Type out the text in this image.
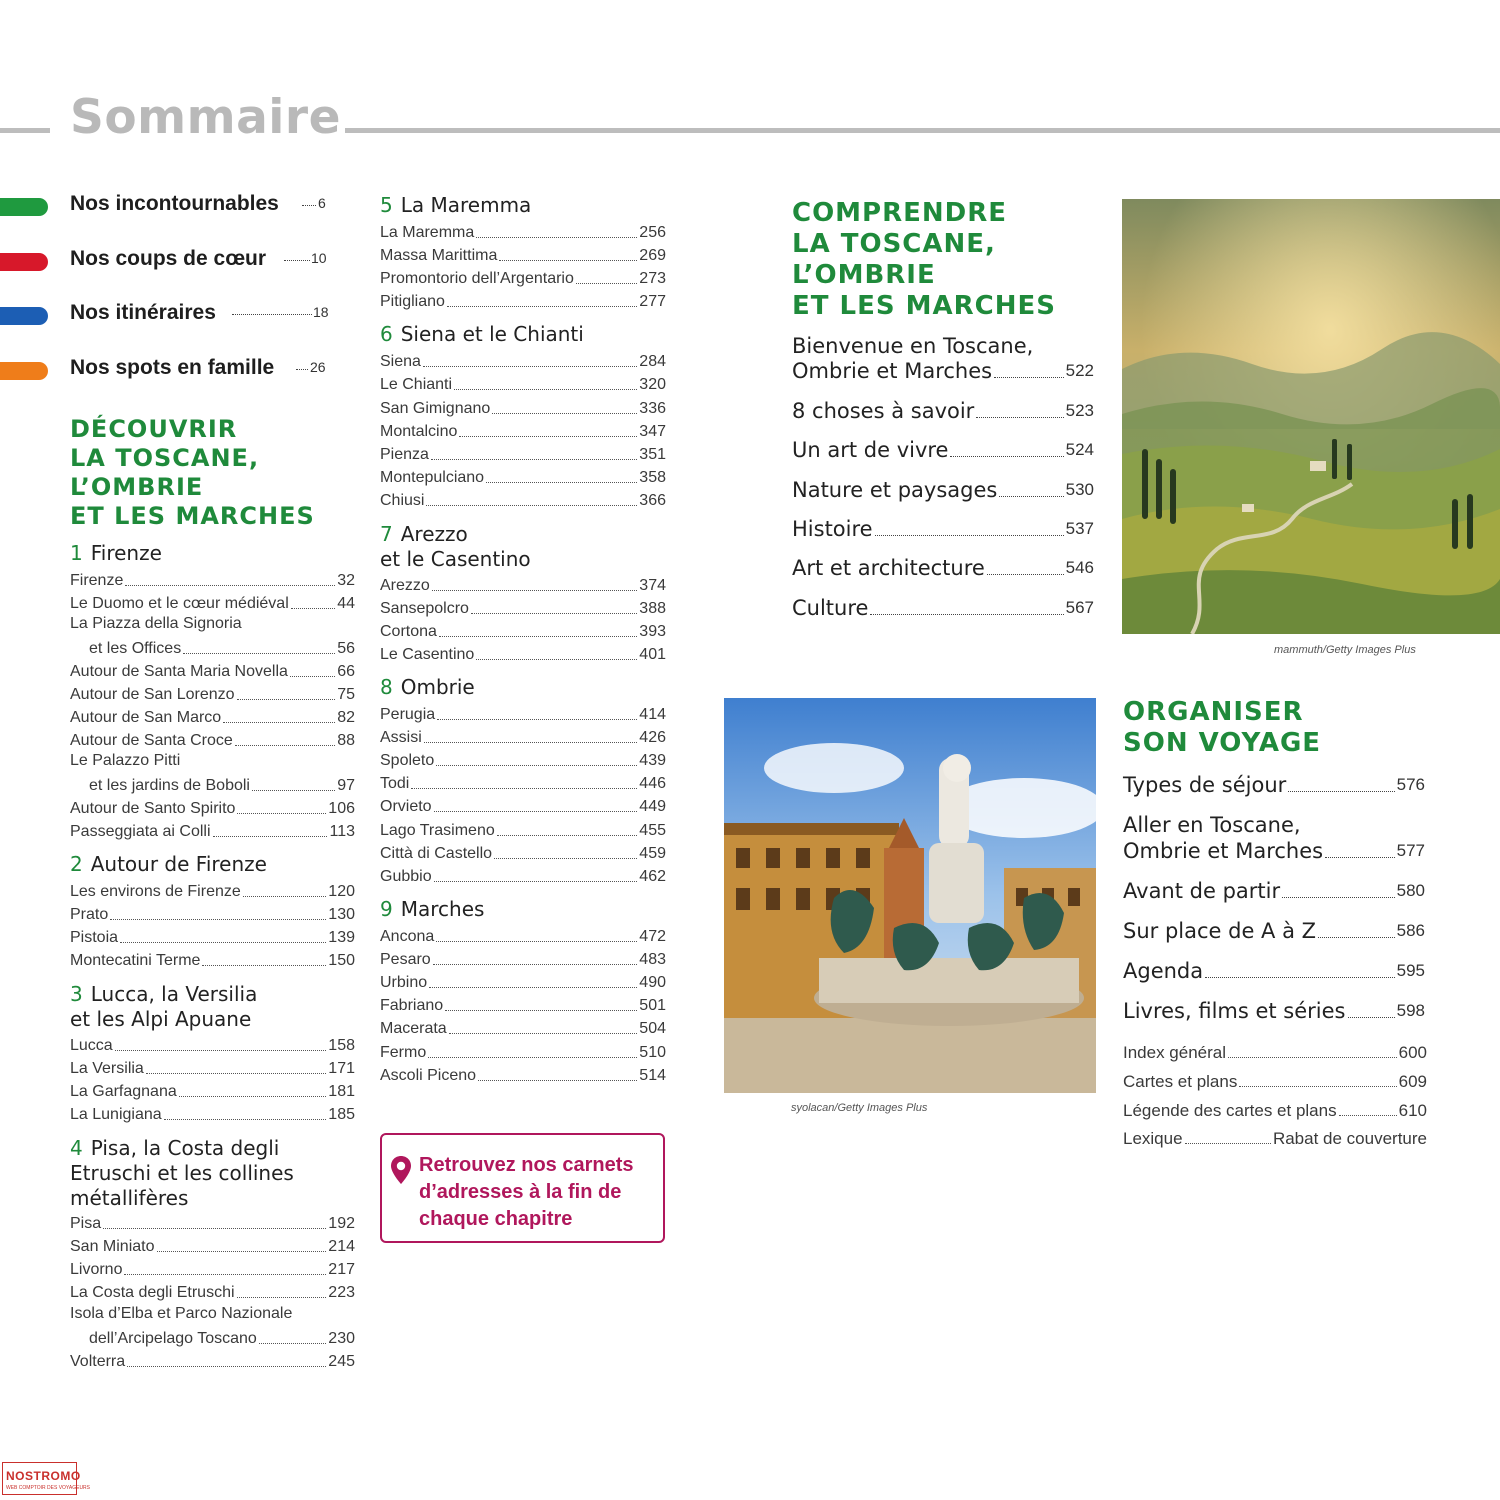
Sommaire
Nos incontournables	6
Nos coups de cœur	10
Nos itinéraires	18
Nos spots en famille	26
DÉCOUVRIR
LA TOSCANE,
L’OMBRIE
ET LES MARCHES
1 Firenze
Firenze	32
Le Duomo et le cœur médiéval	44
La Piazza della Signoria
et les Offices	56
Autour de Santa Maria Novella	66
Autour de San Lorenzo	75
Autour de San Marco	82
Autour de Santa Croce	88
Le Palazzo Pitti
et les jardins de Boboli	97
Autour de Santo Spirito	106
Passeggiata ai Colli	113
2 Autour de Firenze
Les environs de Firenze	120
Prato	130
Pistoia	139
Montecatini Terme	150
3 Lucca, la Versilia
et les Alpi Apuane
Lucca	158
La Versilia	171
La Garfagnana	181
La Lunigiana	185
4 Pisa, la Costa degli
Etruschi et les collines
métallifères
Pisa	192
San Miniato	214
Livorno	217
La Costa degli Etruschi	223
Isola d’Elba et Parco Nazionale
dell’Arcipelago Toscano	230
Volterra	245
5 La Maremma
La Maremma	256
Massa Marittima	269
Promontorio dell’Argentario	273
Pitigliano	277
6 Siena et le Chianti
Siena	284
Le Chianti	320
San Gimignano	336
Montalcino	347
Pienza	351
Montepulciano	358
Chiusi	366
7 Arezzo
et le Casentino
Arezzo	374
Sansepolcro	388
Cortona	393
Le Casentino	401
8 Ombrie
Perugia	414
Assisi	426
Spoleto	439
Todi	446
Orvieto	449
Lago Trasimeno	455
Città di Castello	459
Gubbio	462
9 Marches
Ancona	472
Pesaro	483
Urbino	490
Fabriano	501
Macerata	504
Fermo	510
Ascoli Piceno	514
Retrouvez nos carnets
d’adresses à la fin de
chaque chapitre
COMPRENDRE
LA TOSCANE,
L’OMBRIE
ET LES MARCHES
Bienvenue en Toscane,
Ombrie et Marches	522
8 choses à savoir	523
Un art de vivre	524
Nature et paysages	530
Histoire	537
Art et architecture	546
Culture	567
mammuth/Getty Images Plus
syolacan/Getty Images Plus
ORGANISER
SON VOYAGE
Types de séjour	576
Aller en Toscane,
Ombrie et Marches	577
Avant de partir	580
Sur place de A à Z	586
Agenda	595
Livres, films et séries	598
Index général	600
Cartes et plans	609
Légende des cartes et plans	610
Lexique	Rabat de couverture
NOSTROMO
WEB COMPTOIR DES VOYAGEURS
